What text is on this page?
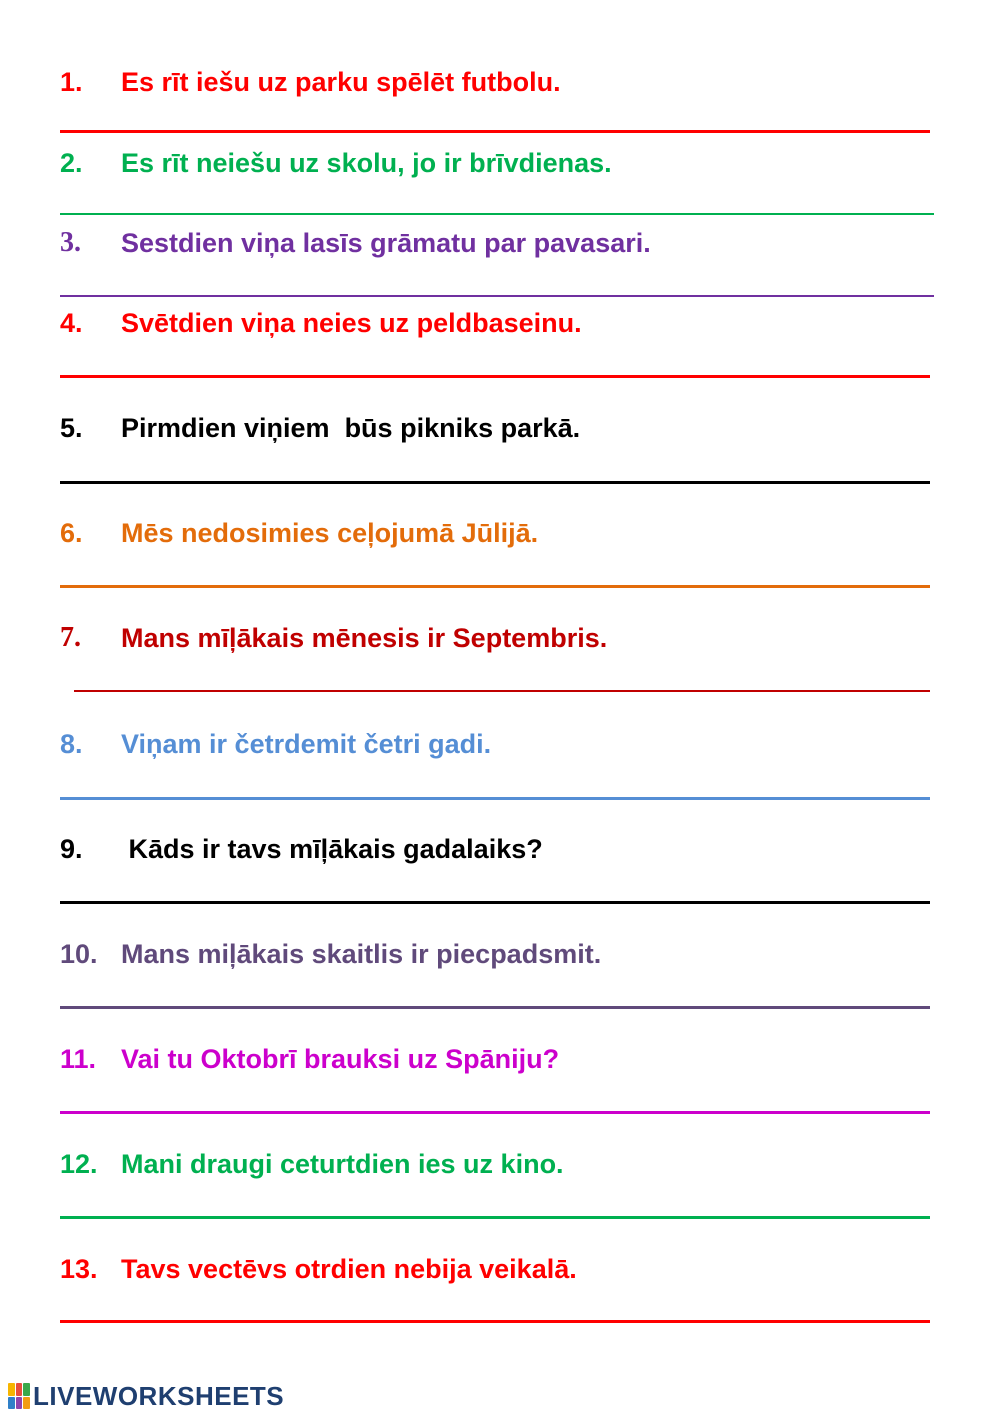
1. Es rīt iešu uz parku spēlēt futbolu.
2. Es rīt neiešu uz skolu, jo ir brīvdienas.
3. Sestdien viņa lasīs grāmatu par pavasari.
4. Svētdien viņa neies uz peldbaseinu.
5. Pirmdien viņiem  būs pikniks parkā.
6. Mēs nedosimies ceļojumā Jūlijā.
7. Mans mīļākais mēnesis ir Septembris.
8. Viņam ir četrdemit četri gadi.
9. Kāds ir tavs mīļākais gadalaiks?
10. Mans miļākais skaitlis ir piecpadsmit.
11. Vai tu Oktobrī brauksi uz Spāniju?
12. Mani draugi ceturtdien ies uz kino.
13. Tavs vectēvs otrdien nebija veikalā.
LIVEWORKSHEETS
